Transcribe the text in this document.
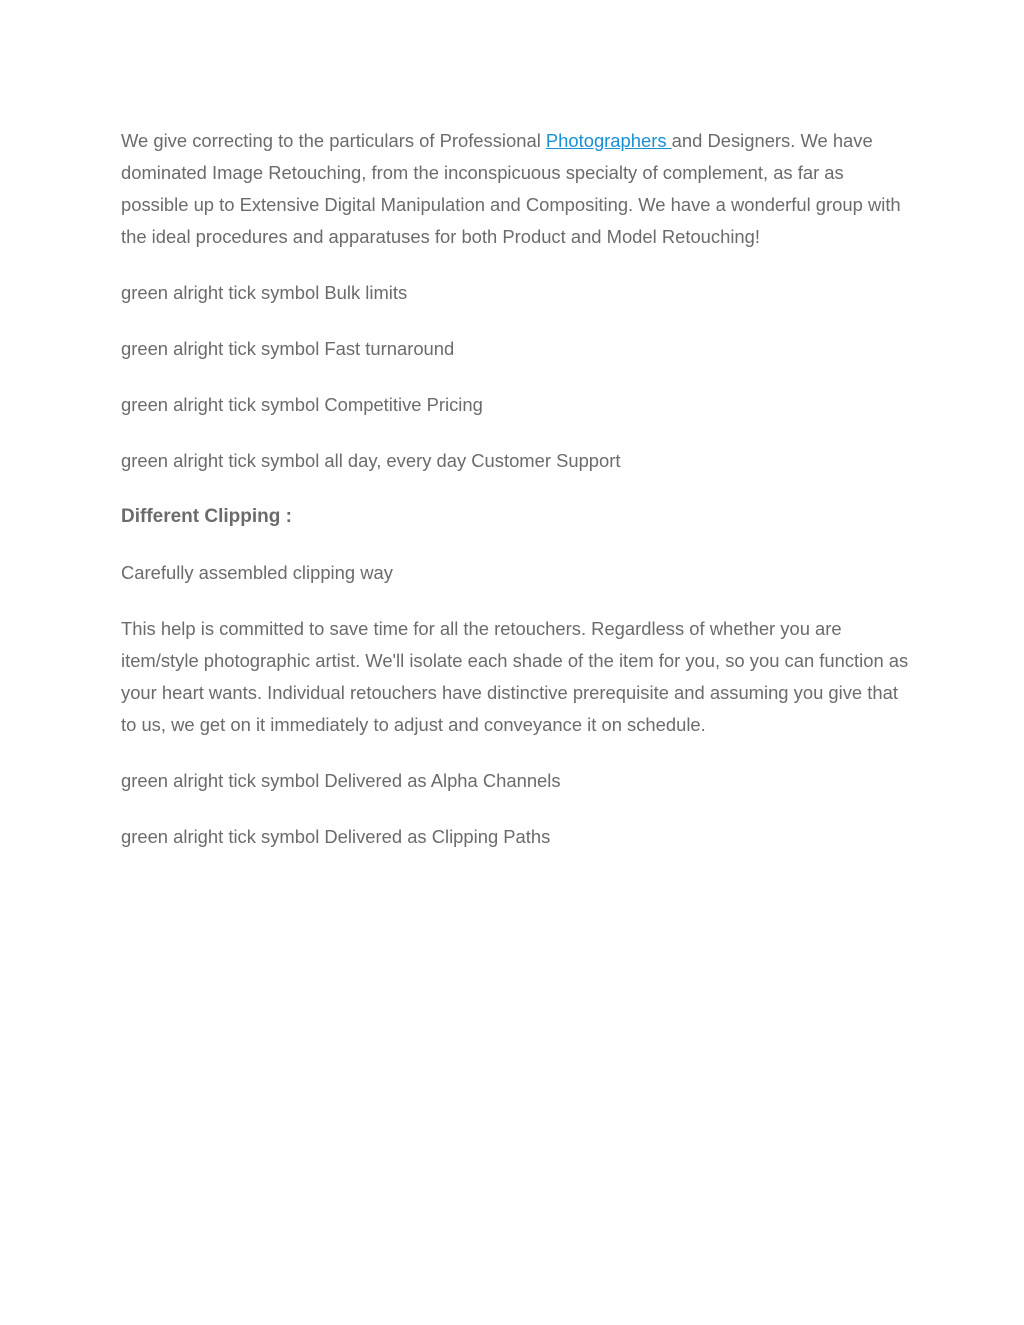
We give correcting to the particulars of Professional Photographers and Designers. We have dominated Image Retouching, from the inconspicuous specialty of complement, as far as possible up to Extensive Digital Manipulation and Compositing. We have a wonderful group with the ideal procedures and apparatuses for both Product and Model Retouching!

green alright tick symbol Bulk limits

green alright tick symbol Fast turnaround

green alright tick symbol Competitive Pricing

green alright tick symbol all day, every day Customer Support

Different Clipping :

Carefully assembled clipping way

This help is committed to save time for all the retouchers. Regardless of whether you are item/style photographic artist. We'll isolate each shade of the item for you, so you can function as your heart wants. Individual retouchers have distinctive prerequisite and assuming you give that to us, we get on it immediately to adjust and conveyance it on schedule.

green alright tick symbol Delivered as Alpha Channels

green alright tick symbol Delivered as Clipping Paths
